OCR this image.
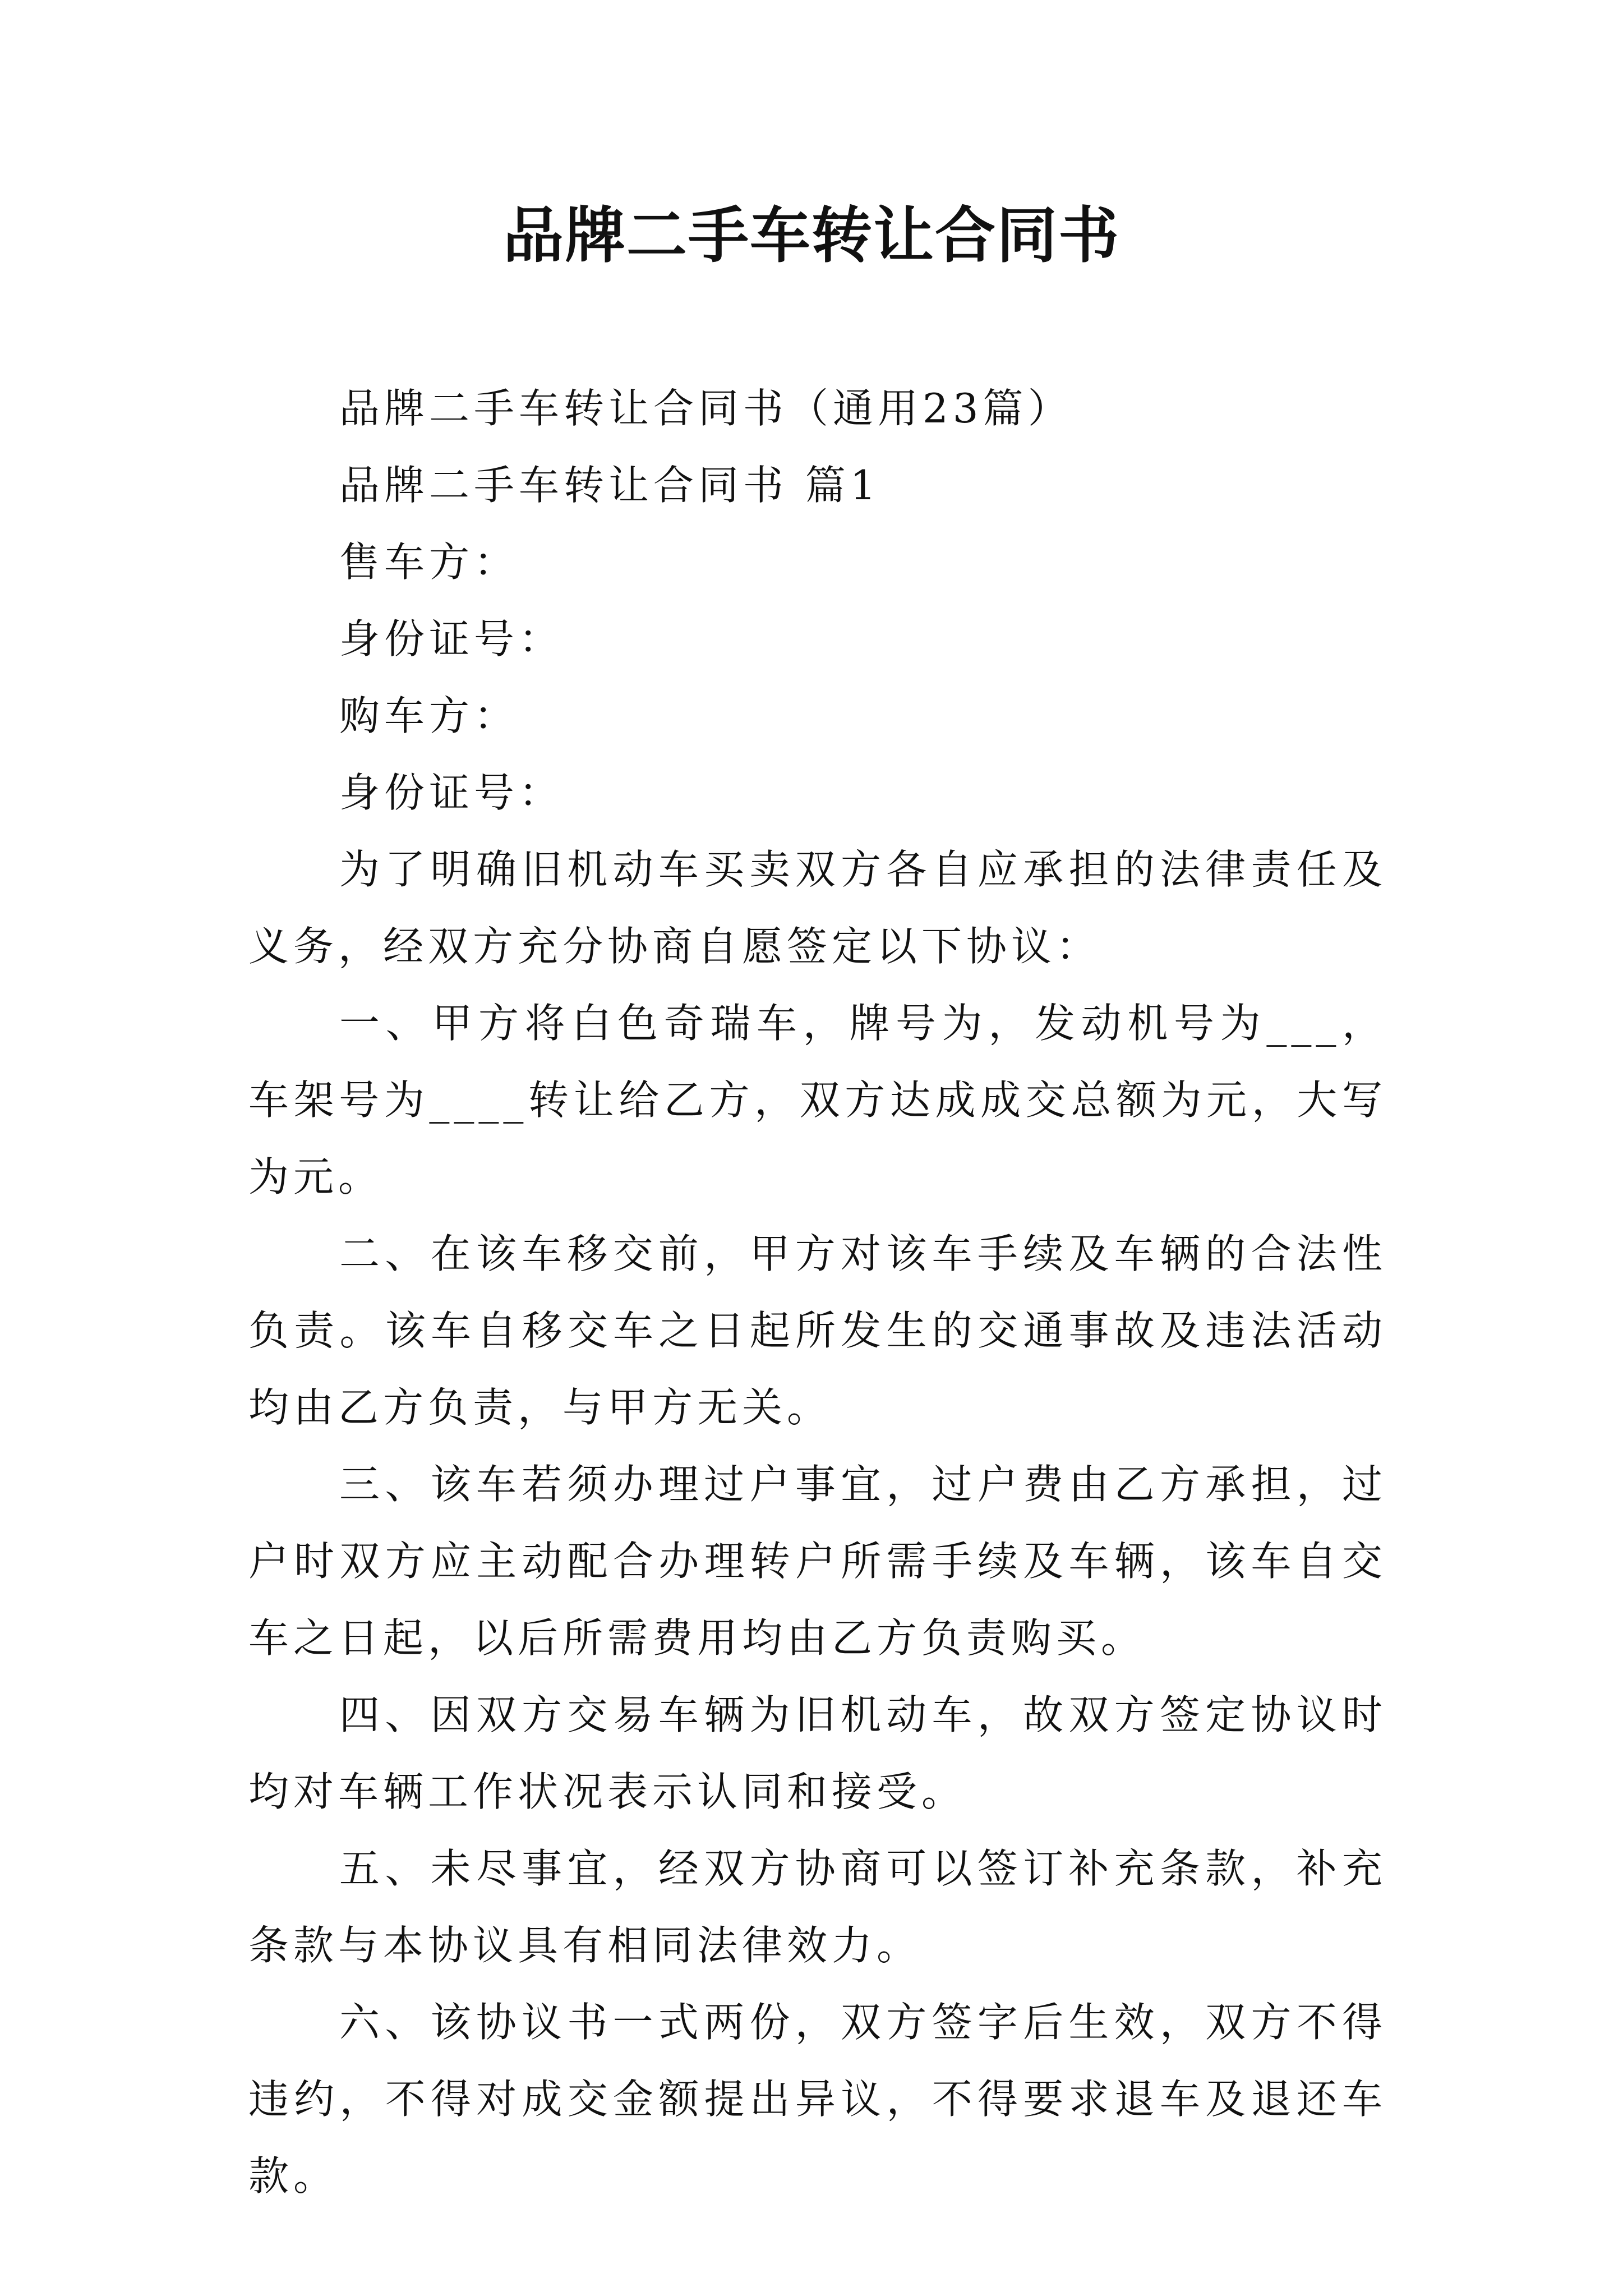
品牌二手车转让合同书

品牌二手车转让合同书（通用23篇）

品牌二手车转让合同书 篇1

售车方：

身份证号：

购车方：

身份证号：

为了明确旧机动车买卖双方各自应承担的法律责任及义务，经双方充分协商自愿签定以下协议：

一、甲方将白色奇瑞车，牌号为，发动机号为___，车架号为____转让给乙方，双方达成成交总额为元，大写为元。

二、在该车移交前，甲方对该车手续及车辆的合法性负责。该车自移交车之日起所发生的交通事故及违法活动均由乙方负责，与甲方无关。

三、该车若须办理过户事宜，过户费由乙方承担，过户时双方应主动配合办理转户所需手续及车辆，该车自交车之日起，以后所需费用均由乙方负责购买。

四、因双方交易车辆为旧机动车，故双方签定协议时均对车辆工作状况表示认同和接受。

五、未尽事宜，经双方协商可以签订补充条款，补充条款与本协议具有相同法律效力。

六、该协议书一式两份，双方签字后生效，双方不得违约，不得对成交金额提出异议，不得要求退车及退还车款。
